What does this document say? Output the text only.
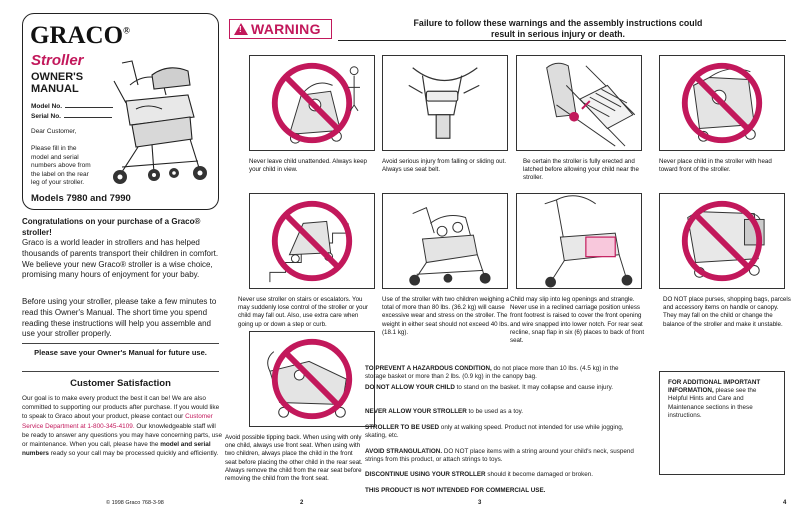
GRACO®
Stroller
OWNER'S MANUAL
Model No.
Serial No.
Dear Customer,
Please fill in the model and serial numbers above from the label on the rear leg of your stroller.
Models 7980 and 7990
Congratulations on your purchase of a Graco® stroller!
Graco is a world leader in strollers and has helped thousands of parents transport their children in comfort. We believe your new Graco® stroller is a wise choice, promising many hours of enjoyment for your baby.
Before using your stroller, please take a few minutes to read this Owner's Manual. The short time you spend reading these instructions will help you assemble and use your stroller properly.
Please save your Owner's Manual for future use.
Customer Satisfaction
Our goal is to make every product the best it can be! We are also committed to supporting our products after purchase. If you would like to speak to Graco about your product, please contact our Customer Service Department at 1-800-345-4109. Our knowledgeable staff will be ready to answer any questions you may have concerning parts, use or maintenance. When you call, please have the model and serial numbers ready so your call may be processed quickly and efficiently.
© 1998 Graco 768-3-98	2	3	4
! WARNING	Failure to follow these warnings and the assembly instructions could result in serious injury or death.
Never leave child unattended. Always keep your child in view.
Avoid serious injury from falling or sliding out. Always use seat belt.
Be certain the stroller is fully erected and latched before allowing your child near the stroller.
Never place child in the stroller with head toward front of the stroller.
Never use stroller on stairs or escalators. You may suddenly lose control of the stroller or your child may fall out. Also, use extra care when going up or down a step or curb.
Use of the stroller with two children weighing a total of more than 80 lbs. (36.2 kg) will cause excessive wear and stress on the stroller. The weight in either seat should not exceed 40 lbs. (18.1 kg).
Child may slip into leg openings and strangle. Never use in a reclined carriage position unless front footrest is raised to cover the front opening and wire snapped into lower notch. For rear seat recline, snap flap in six (6) places to back of front seat.
DO NOT place purses, shopping bags, parcels and accessory items on handle or canopy. They may fall on the child or change the balance of the stroller and make it unstable.
Avoid possible tipping back. When using with only one child, always use front seat. When using with two children, always place the child in the front seat before placing the other child in the rear seat. Always remove the child from the rear seat before removing the child from the front seat.
TO PREVENT A HAZARDOUS CONDITION, do not place more than 10 lbs. (4.5 kg) in the storage basket or more than 2 lbs. (0.9 kg) in the canopy bag.
DO NOT ALLOW YOUR CHILD to stand on the basket. It may collapse and cause injury.
NEVER ALLOW YOUR STROLLER to be used as a toy.
STROLLER TO BE USED only at walking speed. Product not intended for use while jogging, skating, etc.
AVOID STRANGULATION. DO NOT place items with a string around your child's neck, suspend strings from this product, or attach strings to toys.
DISCONTINUE USING YOUR STROLLER should it become damaged or broken.
THIS PRODUCT IS NOT INTENDED FOR COMMERCIAL USE.
FOR ADDITIONAL IMPORTANT INFORMATION, please see the Helpful Hints and Care and Maintenance sections in these instructions.
